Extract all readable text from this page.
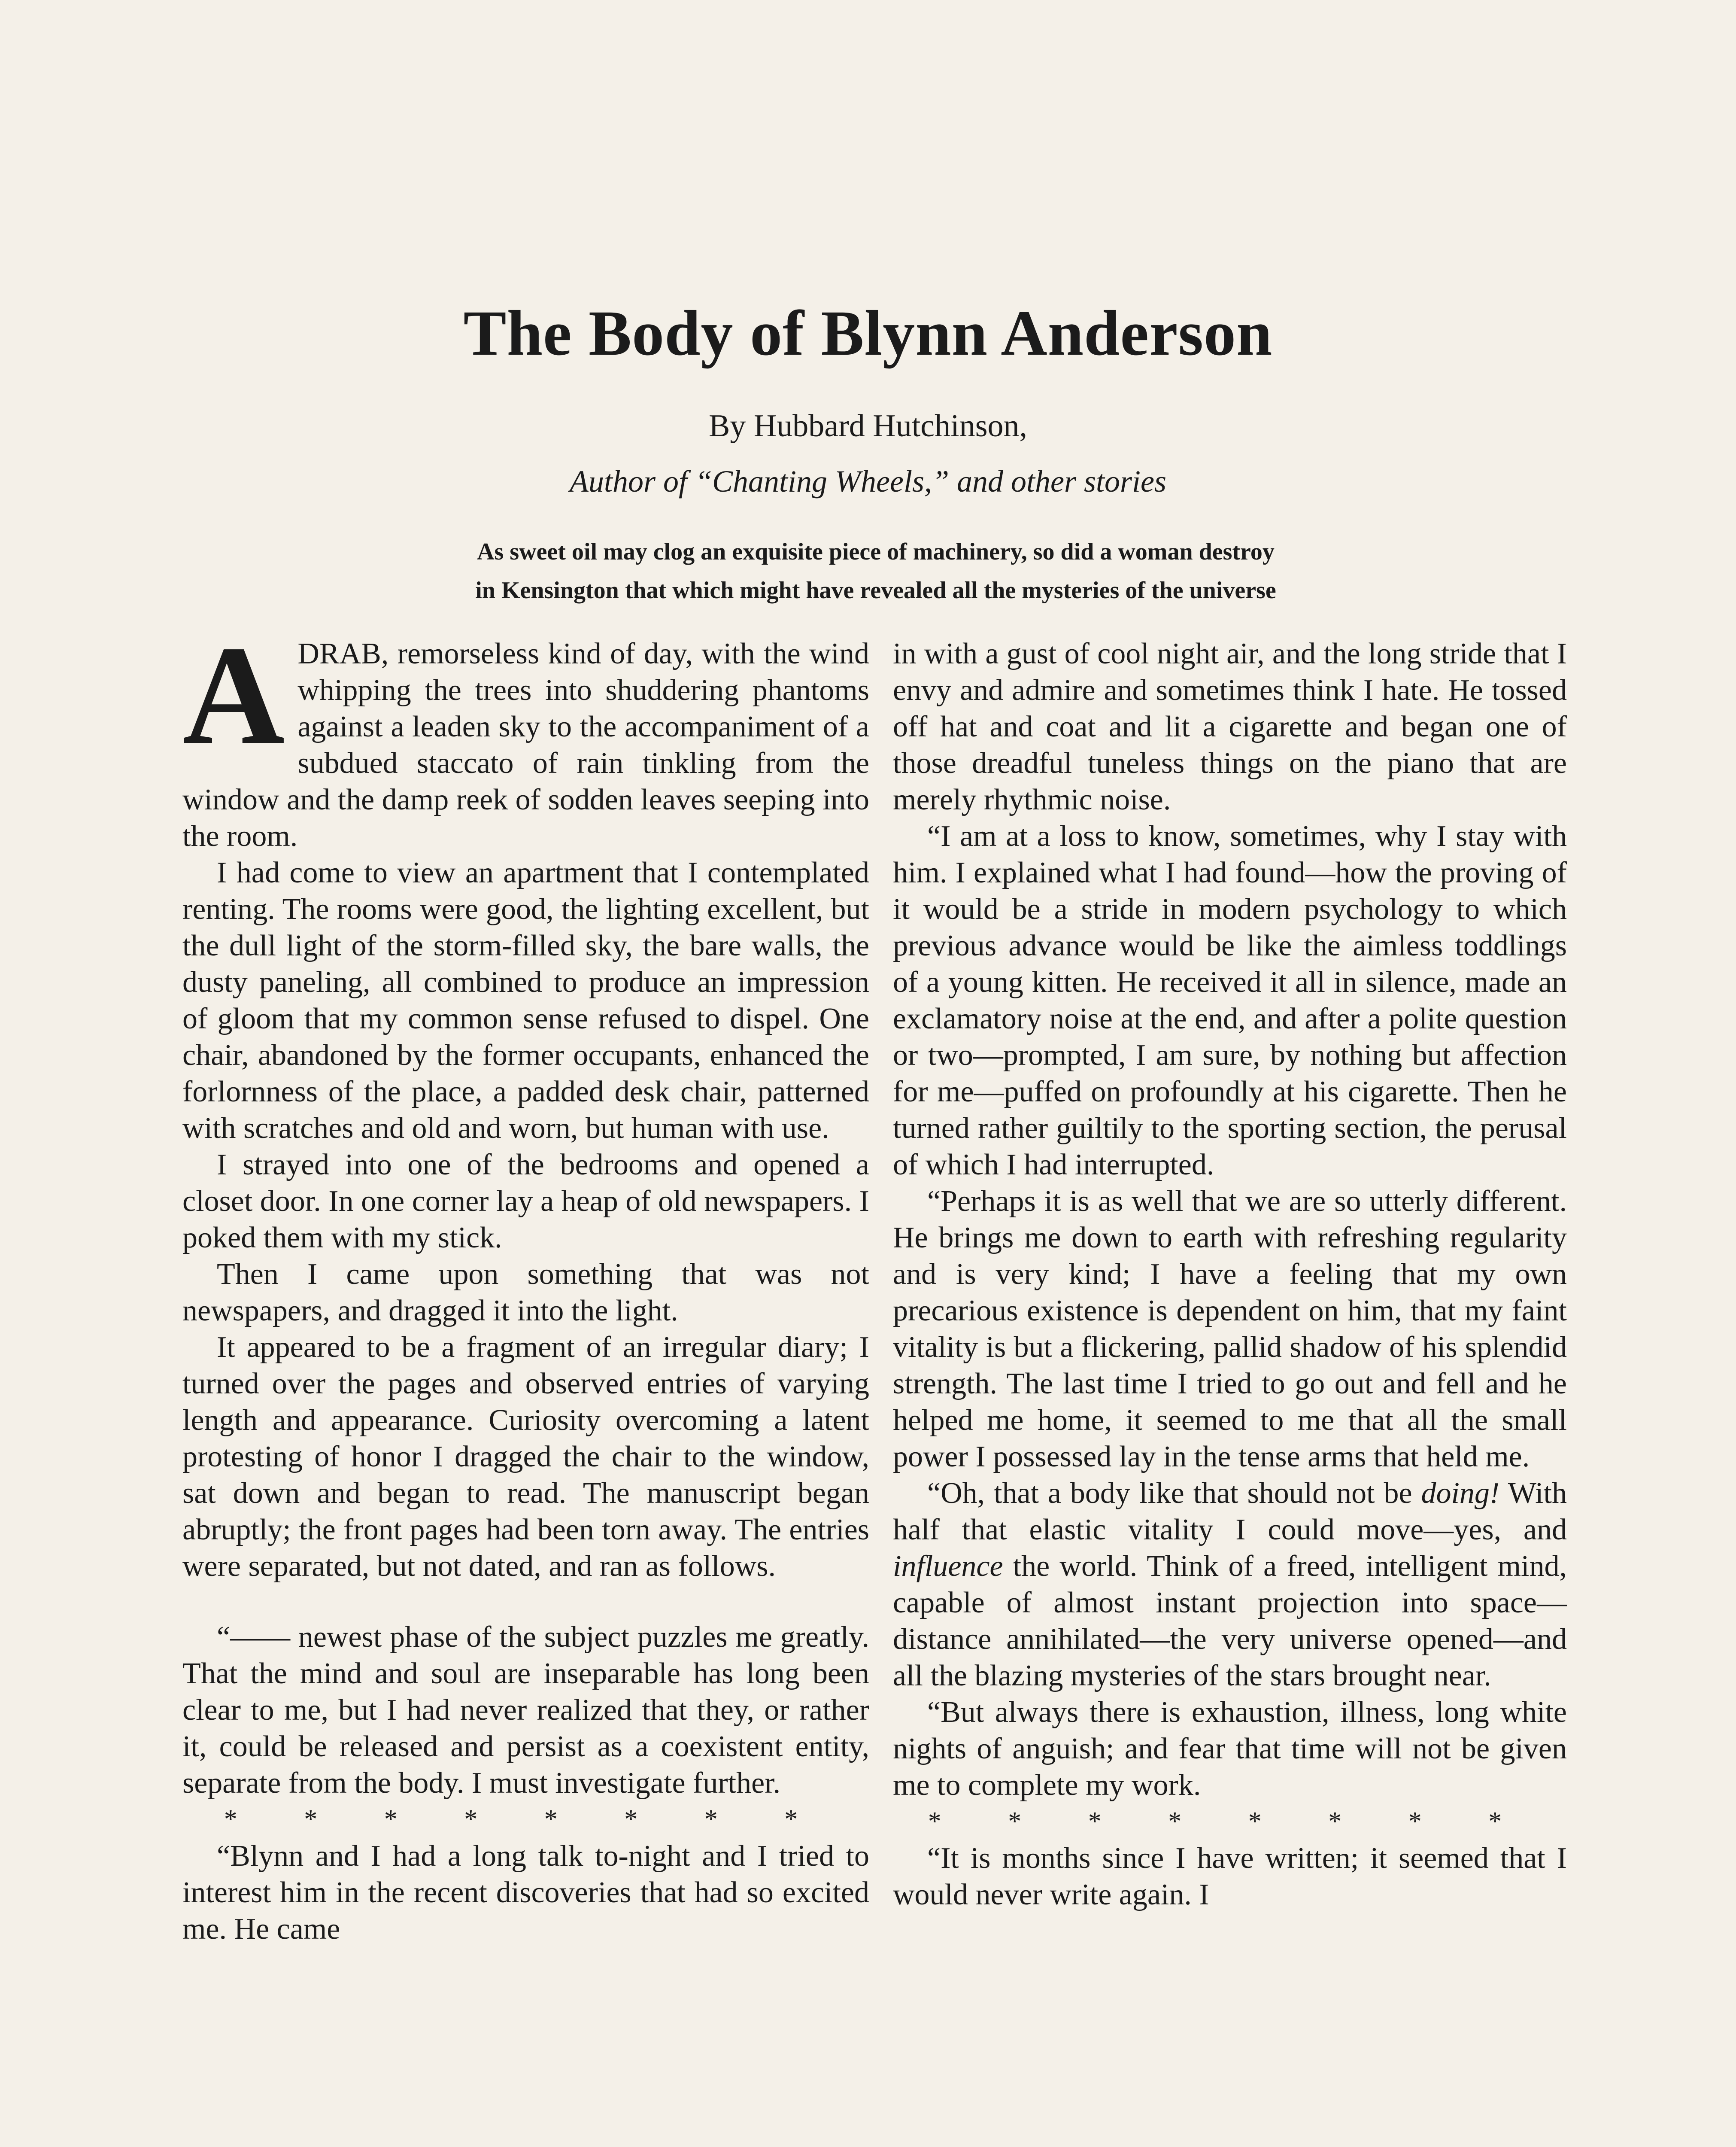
The Body of Blynn Anderson
By Hubbard Hutchinson,
Author of “Chanting Wheels,” and other stories
As sweet oil may clog an exquisite piece of machinery, so did a woman destroy
in Kensington that which might have revealed all the mysteries of the universe

ADRAB, remorseless kind of day, with the wind whipping the trees into shuddering phantoms against a leaden sky to the accompaniment of a subdued staccato of rain tinkling from the window and the damp reek of sodden leaves seeping into the room.

I had come to view an apartment that I contemplated renting. The rooms were good, the lighting excellent, but the dull light of the storm-filled sky, the bare walls, the dusty paneling, all combined to produce an impression of gloom that my common sense refused to dispel. One chair, abandoned by the former occupants, enhanced the forlornness of the place, a padded desk chair, patterned with scratches and old and worn, but human with use.

I strayed into one of the bedrooms and opened a closet door. In one corner lay a heap of old newspapers. I poked them with my stick.

Then I came upon something that was not newspapers, and dragged it into the light.

It appeared to be a fragment of an irregular diary; I turned over the pages and observed entries of varying length and appearance. Curiosity overcoming a latent protesting of honor I dragged the chair to the window, sat down and began to read. The manuscript began abruptly; the front pages had been torn away. The entries were separated, but not dated, and ran as follows.

“—— newest phase of the subject puzzles me greatly. That the mind and soul are inseparable has long been clear to me, but I had never realized that they, or rather it, could be released and persist as a coexistent entity, separate from the body. I must investigate further.

* * * * * * * *

“Blynn and I had a long talk to-night and I tried to interest him in the recent discoveries that had so excited me. He came

in with a gust of cool night air, and the long stride that I envy and admire and sometimes think I hate. He tossed off hat and coat and lit a cigarette and began one of those dreadful tuneless things on the piano that are merely rhythmic noise.

“I am at a loss to know, sometimes, why I stay with him. I explained what I had found—how the proving of it would be a stride in modern psychology to which previous advance would be like the aimless toddlings of a young kitten. He received it all in silence, made an exclamatory noise at the end, and after a polite question or two—prompted, I am sure, by nothing but affection for me—puffed on profoundly at his cigarette. Then he turned rather guiltily to the sporting section, the perusal of which I had interrupted.

“Perhaps it is as well that we are so utterly different. He brings me down to earth with refreshing regularity and is very kind; I have a feeling that my own precarious existence is dependent on him, that my faint vitality is but a flickering, pallid shadow of his splendid strength. The last time I tried to go out and fell and he helped me home, it seemed to me that all the small power I possessed lay in the tense arms that held me.

“Oh, that a body like that should not be doing! With half that elastic vitality I could move—yes, and influence the world. Think of a freed, intelligent mind, capable of almost instant projection into space—distance annihilated—the very universe opened—and all the blazing mysteries of the stars brought near.

“But always there is exhaustion, illness, long white nights of anguish; and fear that time will not be given me to complete my work.

* * * * * * * *

“It is months since I have written; it seemed that I would never write again. I
